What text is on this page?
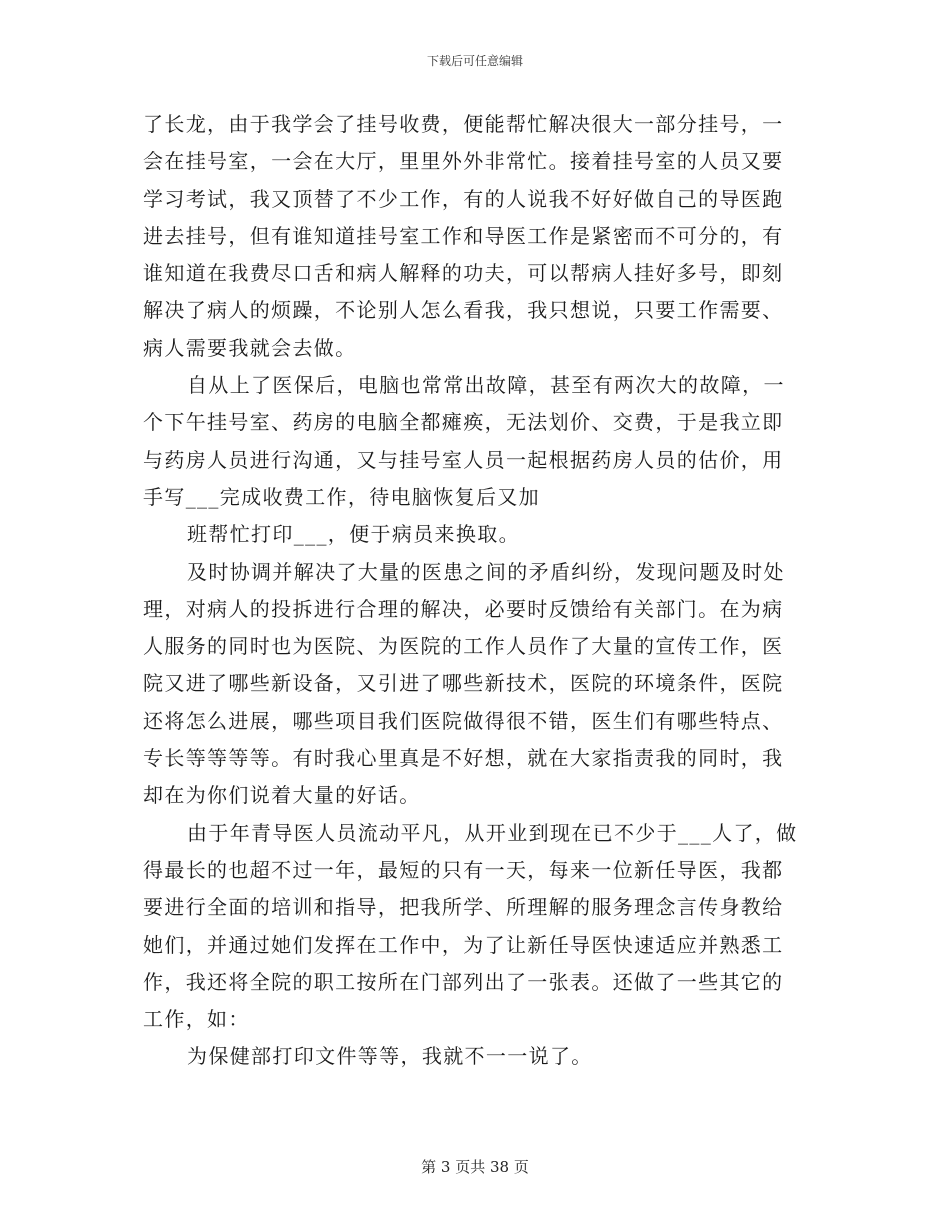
下载后可任意编辑
了长龙，由于我学会了挂号收费，便能帮忙解决很大一部分挂号，一
会在挂号室，一会在大厅，里里外外非常忙。接着挂号室的人员又要
学习考试，我又顶替了不少工作，有的人说我不好好做自己的导医跑
进去挂号，但有谁知道挂号室工作和导医工作是紧密而不可分的，有
谁知道在我费尽口舌和病人解释的功夫，可以帮病人挂好多号，即刻
解决了病人的烦躁，不论别人怎么看我，我只想说，只要工作需要、
病人需要我就会去做。
自从上了医保后，电脑也常常出故障，甚至有两次大的故障，一
个下午挂号室、药房的电脑全都瘫痪，无法划价、交费，于是我立即
与药房人员进行沟通，又与挂号室人员一起根据药房人员的估价，用
手写___完成收费工作，待电脑恢复后又加
班帮忙打印___，便于病员来换取。
及时协调并解决了大量的医患之间的矛盾纠纷，发现问题及时处
理，对病人的投拆进行合理的解决，必要时反馈给有关部门。在为病
人服务的同时也为医院、为医院的工作人员作了大量的宣传工作，医
院又进了哪些新设备，又引进了哪些新技术，医院的环境条件，医院
还将怎么进展，哪些项目我们医院做得很不错，医生们有哪些特点、
专长等等等等。有时我心里真是不好想，就在大家指责我的同时，我
却在为你们说着大量的好话。
由于年青导医人员流动平凡，从开业到现在已不少于___人了，做
得最长的也超不过一年，最短的只有一天，每来一位新任导医，我都
要进行全面的培训和指导，把我所学、所理解的服务理念言传身教给
她们，并通过她们发挥在工作中，为了让新任导医快速适应并熟悉工
作，我还将全院的职工按所在门部列出了一张表。还做了一些其它的
工作，如：
为保健部打印文件等等，我就不一一说了。
第 3 页共 38 页
